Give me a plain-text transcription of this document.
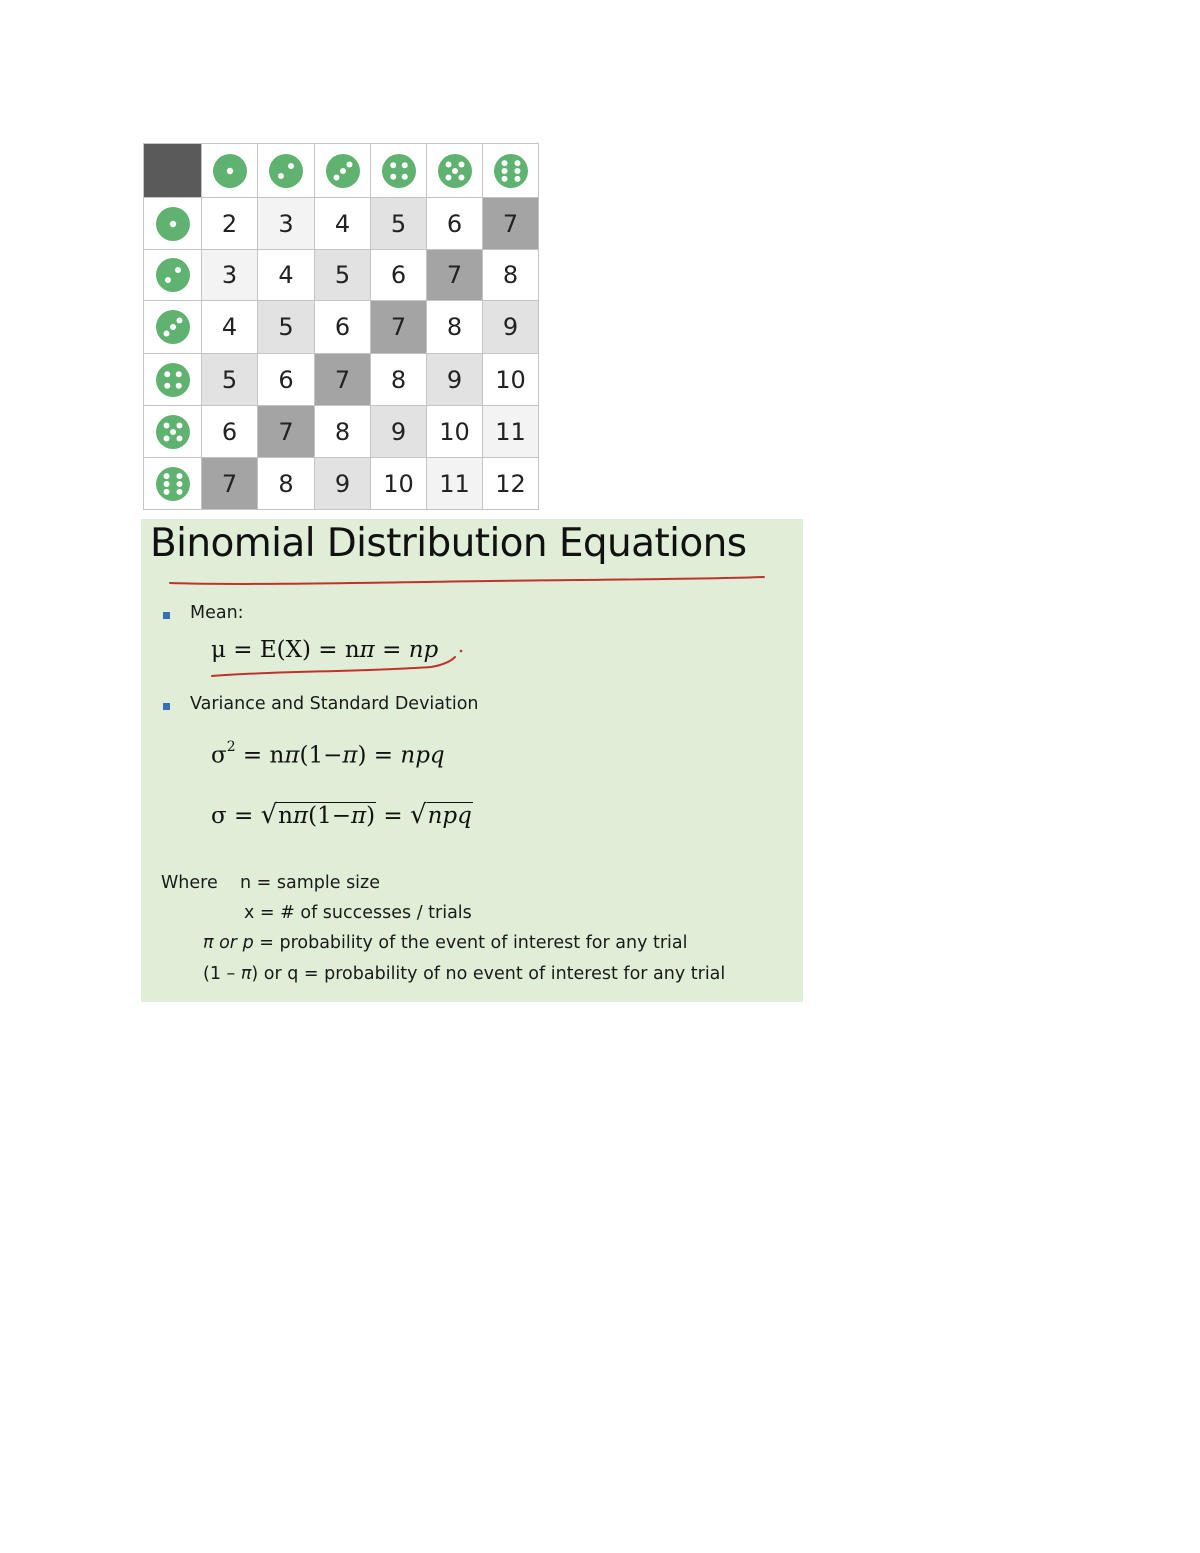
	2	3	4	5	6	7

	3	4	5	6	7	8

	4	5	6	7	8	9

	5	6	7	8	9	10

	6	7	8	9	10	11

	7	8	9	10	11	12
Binomial Distribution Equations
Mean:
μ = E(X) = nπ = np
Variance and Standard Deviation
$\sigma^2 = n\pi(1-\pi)$ = npq
σ = √nπ(1−π) = √npq
Where n = sample size
x = # of successes / trials
π or p = probability of the event of interest for any trial
(1 – π) or q = probability of no event of interest for any trial
